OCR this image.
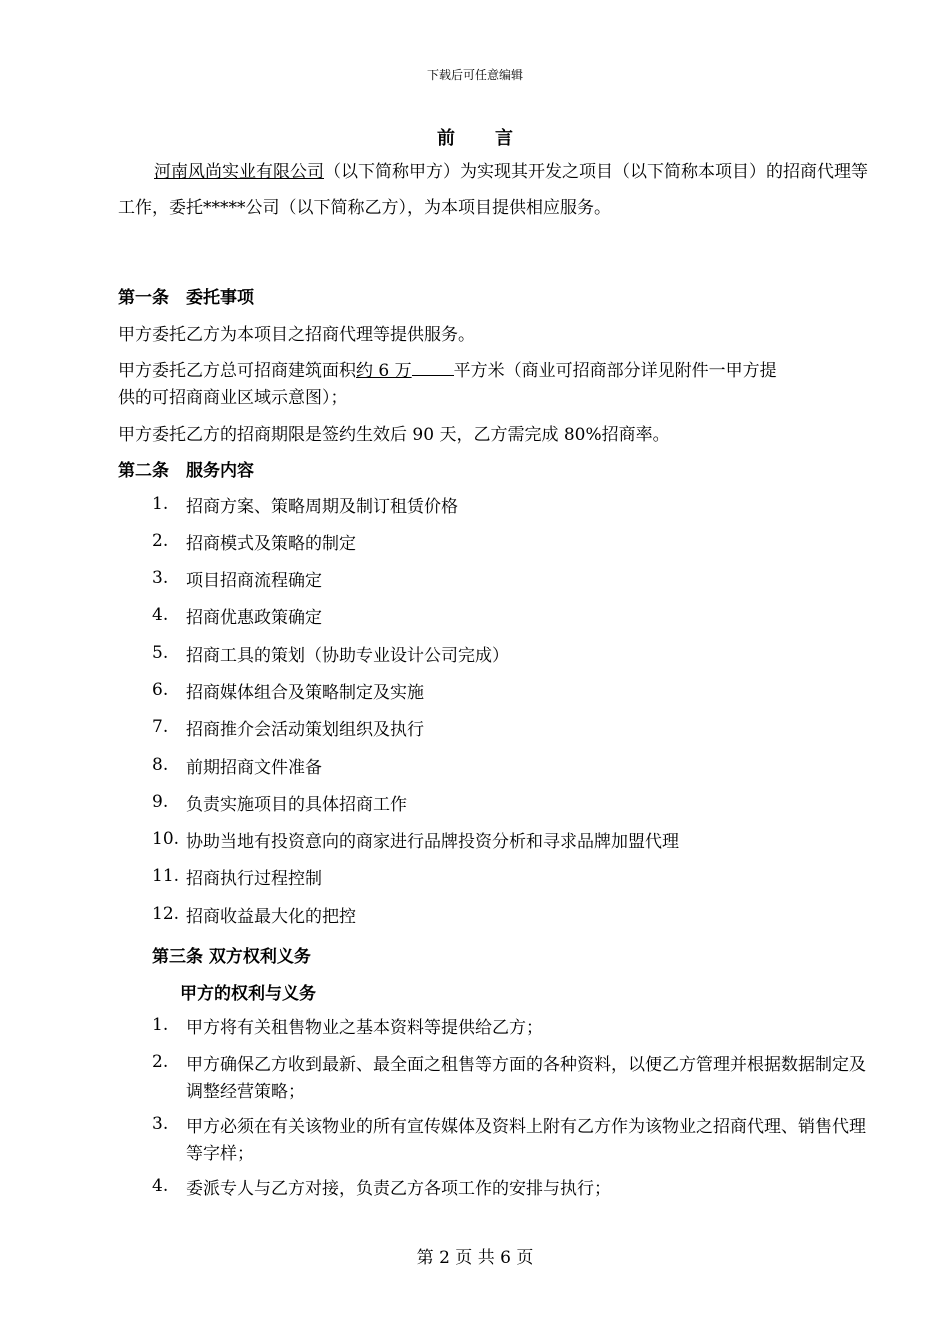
下载后可任意编辑
前 言
河南风尚实业有限公司（以下简称甲方）为实现其开发之项目（以下简称本项目）的招商代理等工作，委托*****公司（以下简称乙方），为本项目提供相应服务。
第一条　委托事项
甲方委托乙方为本项目之招商代理等提供服务。
甲方委托乙方总可招商建筑面积约 6 万 平方米（商业可招商部分详见附件一甲方提
供的可招商商业区域示意图）；
甲方委托乙方的招商期限是签约生效后 90 天，乙方需完成 80%招商率。
第二条　服务内容
1. 招商方案、策略周期及制订租赁价格
2. 招商模式及策略的制定
3. 项目招商流程确定
4. 招商优惠政策确定
5. 招商工具的策划（协助专业设计公司完成）
6. 招商媒体组合及策略制定及实施
7. 招商推介会活动策划组织及执行
8. 前期招商文件准备
9. 负责实施项目的具体招商工作
10. 协助当地有投资意向的商家进行品牌投资分析和寻求品牌加盟代理
11. 招商执行过程控制
12. 招商收益最大化的把控
第三条 双方权利义务
甲方的权利与义务
1. 甲方将有关租售物业之基本资料等提供给乙方；
2. 甲方确保乙方收到最新、最全面之租售等方面的各种资料，以便乙方管理并根据数据制定及调整经营策略；
3. 甲方必须在有关该物业的所有宣传媒体及资料上附有乙方作为该物业之招商代理、销售代理等字样；
4. 委派专人与乙方对接，负责乙方各项工作的安排与执行；
第 2 页 共 6 页
